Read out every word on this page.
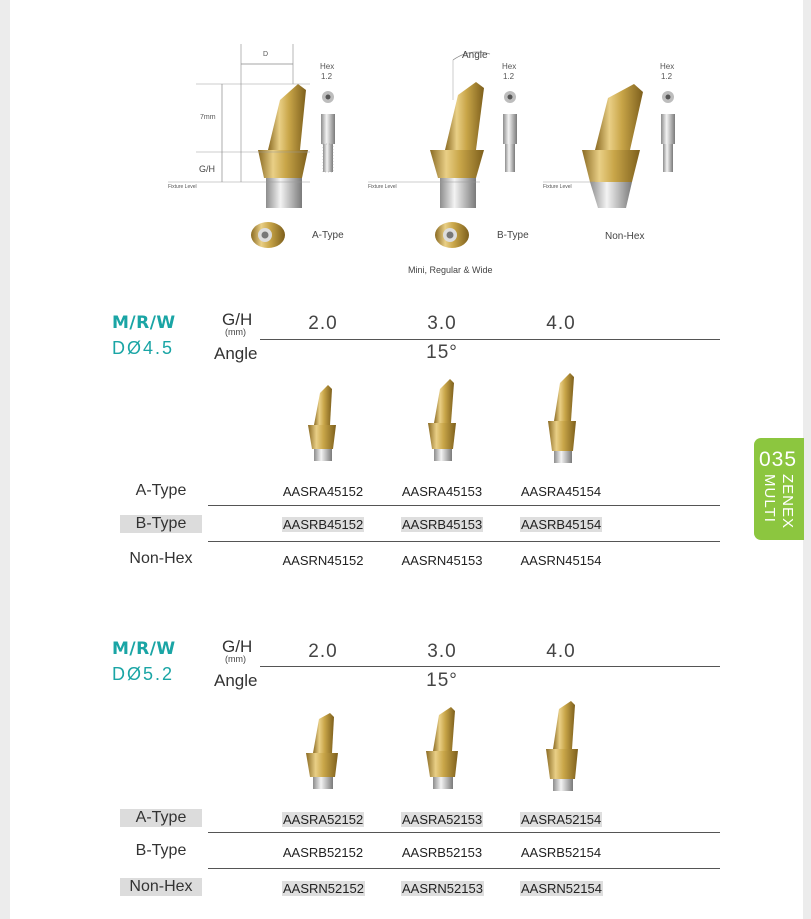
D
7mm
G/H
Fixture Level	Fixture Level	Fixture Level
Angle
Hex
1.2
Hex
1.2
Hex
1.2
A-Type	B-Type	Non-Hex
Mini, Regular & Wide
M/R/W
DØ4.5
G/H
(mm)
Angle
2.0	3.0	4.0
15°
A-Type	AASRA45152	AASRA45153	AASRA45154
B-Type	AASRB45152	AASRB45153	AASRB45154
Non-Hex	AASRN45152	AASRN45153	AASRN45154
M/R/W
DØ5.2
G/H
(mm)
Angle
2.0	3.0	4.0
15°
A-Type	AASRA52152	AASRA52153	AASRA52154
B-Type	AASRB52152	AASRB52153	AASRB52154
Non-Hex	AASRN52152	AASRN52153	AASRN52154
035
ZENEX
MULTI
